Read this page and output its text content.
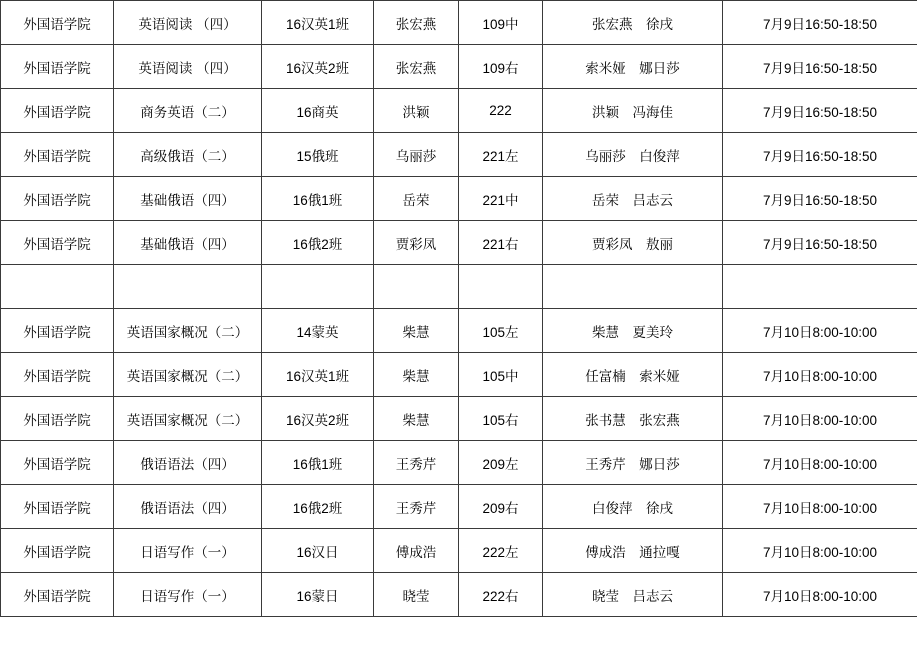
外国语学院	英语阅读 （四）	16汉英1班	张宏燕	109中	张宏燕　徐戌	7月9日16:50-18:50
外国语学院	英语阅读 （四）	16汉英2班	张宏燕	109右	索米娅　娜日莎	7月9日16:50-18:50
外国语学院	商务英语（二）	16商英	洪颖	222	洪颖　冯海佳	7月9日16:50-18:50
外国语学院	高级俄语（二）	15俄班	乌丽莎	221左	乌丽莎　白俊萍	7月9日16:50-18:50
外国语学院	基础俄语（四）	16俄1班	岳荣	221中	岳荣　吕志云	7月9日16:50-18:50
外国语学院	基础俄语（四）	16俄2班	贾彩凤	221右	贾彩凤　敖丽	7月9日16:50-18:50

外国语学院	英语国家概况（二）	14蒙英	柴慧	105左	柴慧　夏美玲	7月10日8:00-10:00
外国语学院	英语国家概况（二）	16汉英1班	柴慧	105中	任富楠　索米娅	7月10日8:00-10:00
外国语学院	英语国家概况（二）	16汉英2班	柴慧	105右	张书慧　张宏燕	7月10日8:00-10:00
外国语学院	俄语语法（四）	16俄1班	王秀芹	209左	王秀芹　娜日莎	7月10日8:00-10:00
外国语学院	俄语语法（四）	16俄2班	王秀芹	209右	白俊萍　徐戌	7月10日8:00-10:00
外国语学院	日语写作（一）	16汉日	傅成浩	222左	傅成浩　通拉嘎	7月10日8:00-10:00
外国语学院	日语写作（一）	16蒙日	晓莹	222右	晓莹　吕志云	7月10日8:00-10:00
